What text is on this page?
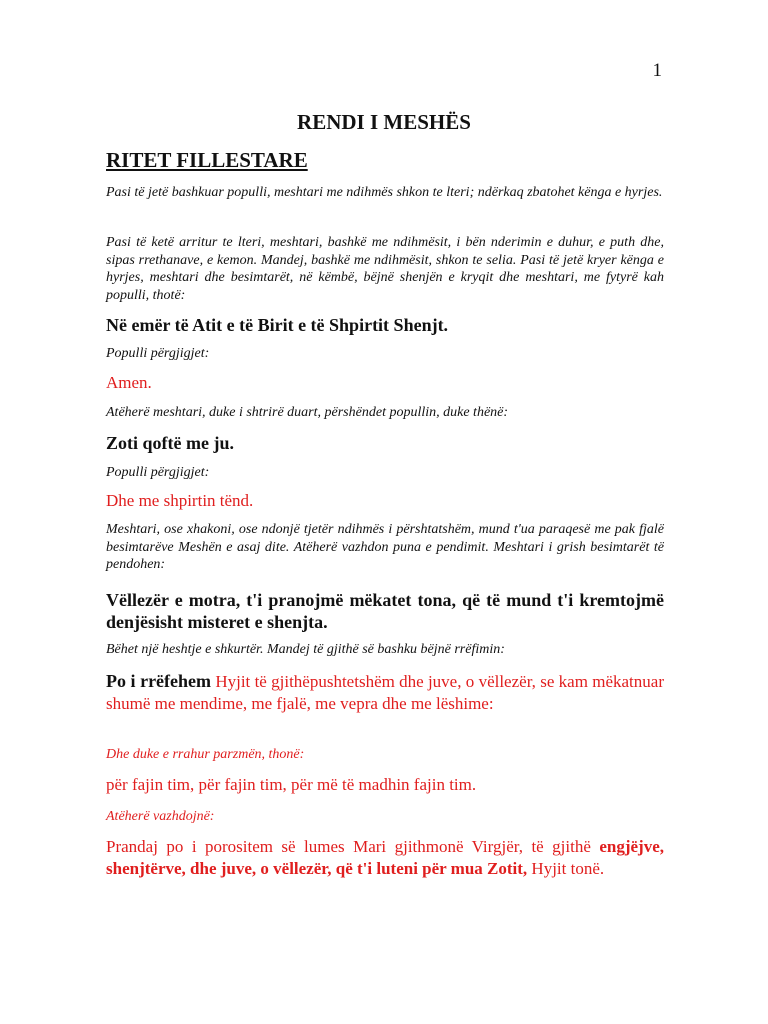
1
RENDI I MESHËS
RITET FILLESTARE
Pasi të jetë bashkuar populli, meshtari me ndihmës shkon te lteri; ndërkaq zbatohet kënga e hyrjes.
Pasi të ketë arritur te lteri, meshtari, bashkë me ndihmësit, i bën nderimin e duhur, e puth dhe, sipas rrethanave, e kemon. Mandej, bashkë me ndihmësit, shkon te selia. Pasi të jetë kryer kënga e hyrjes, meshtari dhe besimtarët, në këmbë, bëjnë shenjën e kryqit dhe meshtari, me fytyrë kah populli, thotë:
Në emër të Atit e të Birit e të Shpirtit Shenjt.
Populli përgjigjet:
Amen.
Atëherë meshtari, duke i shtrirë duart, përshëndet popullin, duke thënë:
Zoti qoftë me ju.
Populli përgjigjet:
Dhe me shpirtin tënd.
Meshtari, ose xhakoni, ose ndonjë tjetër ndihmës i përshtatshëm, mund t'ua paraqesë me pak fjalë besimtarëve Meshën e asaj dite. Atëherë vazhdon puna e pendimit. Meshtari i grish besimtarët të pendohen:
Vëllezër e motra, t'i pranojmë mëkatet tona, që të mund t'i kremtojmë denjësisht misteret e shenjta.
Bëhet një heshtje e shkurtër. Mandej të gjithë së bashku bëjnë rrëfimin:
Po i rrëfehem Hyjit të gjithëpushtetshëm dhe juve, o vëllezër, se kam mëkatnuar shumë me mendime, me fjalë, me vepra dhe me lëshime:
Dhe duke e rrahur parzmën, thonë:
për fajin tim, për fajin tim, për më të madhin fajin tim.
Atëherë vazhdojnë:
Prandaj po i porositem së lumes Mari gjithmonë Virgjër, të gjithë engjëjve, shenjtërve, dhe juve, o vëllezër, që t'i luteni për mua Zotit, Hyjit tonë.
